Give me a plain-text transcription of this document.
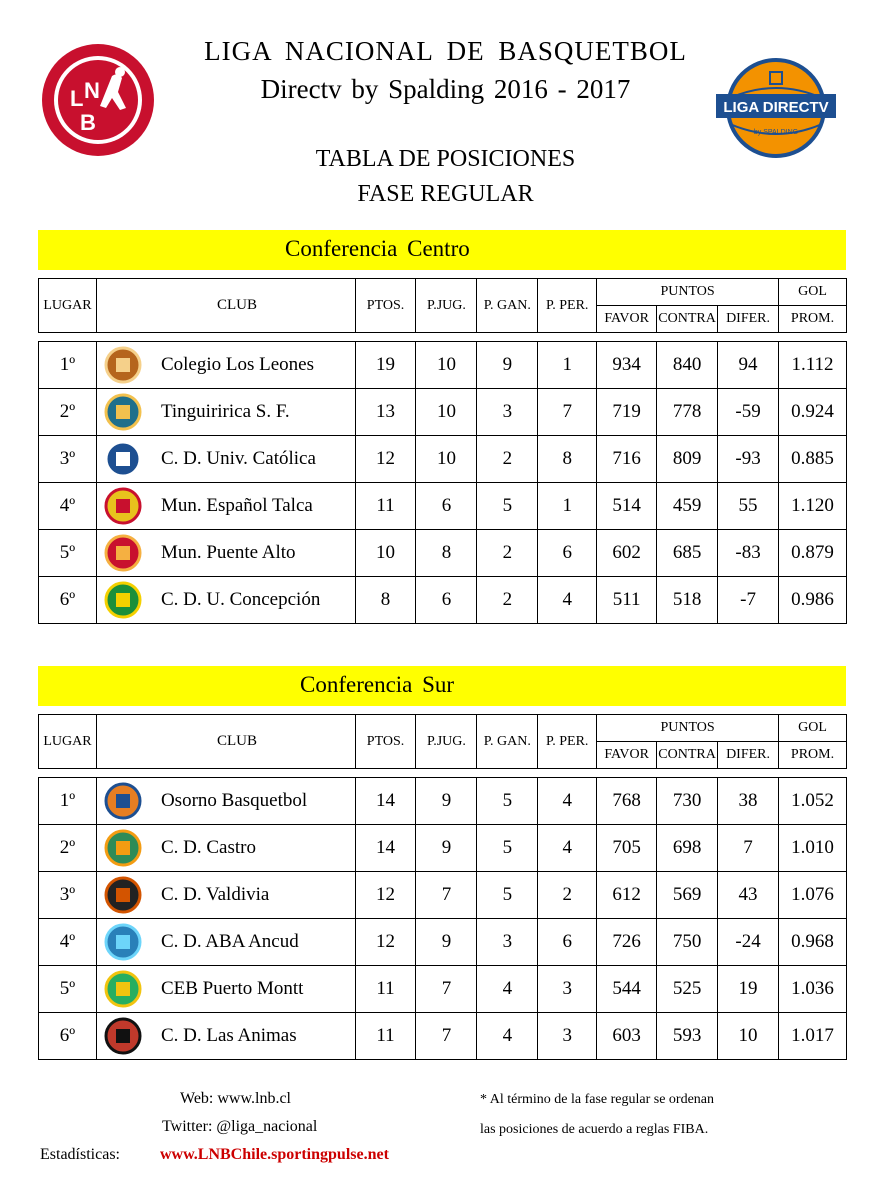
L N
B
LIGA DIRECTV
by SPALDING
LIGA NACIONAL DE BASQUETBOL
Directv by Spalding 2016 - 2017
TABLA DE POSICIONES
FASE REGULAR
Conferencia Centro
LUGAR	CLUB	PTOS.	P.JUG.	P. GAN.	P. PER.	PUNTOS			GOL
						FAVOR	CONTRA	DIFER.	PROM.

1º	Colegio Los Leones	19	10	9	1	934	840	94	1.112
2º	Tinguiririca S. F.	13	10	3	7	719	778	-59	0.924
3º	C. D. Univ. Católica	12	10	2	8	716	809	-93	0.885
4º	Mun. Español Talca	11	6	5	1	514	459	55	1.120
5º	Mun. Puente Alto	10	8	2	6	602	685	-83	0.879
6º	C. D. U. Concepción	8	6	2	4	511	518	-7	0.986
Conferencia Sur
LUGAR	CLUB	PTOS.	P.JUG.	P. GAN.	P. PER.	PUNTOS			GOL
						FAVOR	CONTRA	DIFER.	PROM.

1º	Osorno Basquetbol	14	9	5	4	768	730	38	1.052
2º	C. D. Castro	14	9	5	4	705	698	7	1.010
3º	C. D. Valdivia	12	7	5	2	612	569	43	1.076
4º	C. D. ABA Ancud	12	9	3	6	726	750	-24	0.968
5º	CEB Puerto Montt	11	7	4	3	544	525	19	1.036
6º	C. D. Las Animas	11	7	4	3	603	593	10	1.017
Web: www.lnb.cl
Twitter: @liga_nacional
Estadísticas:	www.LNBChile.sportingpulse.net
* Al término de la fase regular se ordenan
las posiciones de acuerdo a reglas FIBA.
